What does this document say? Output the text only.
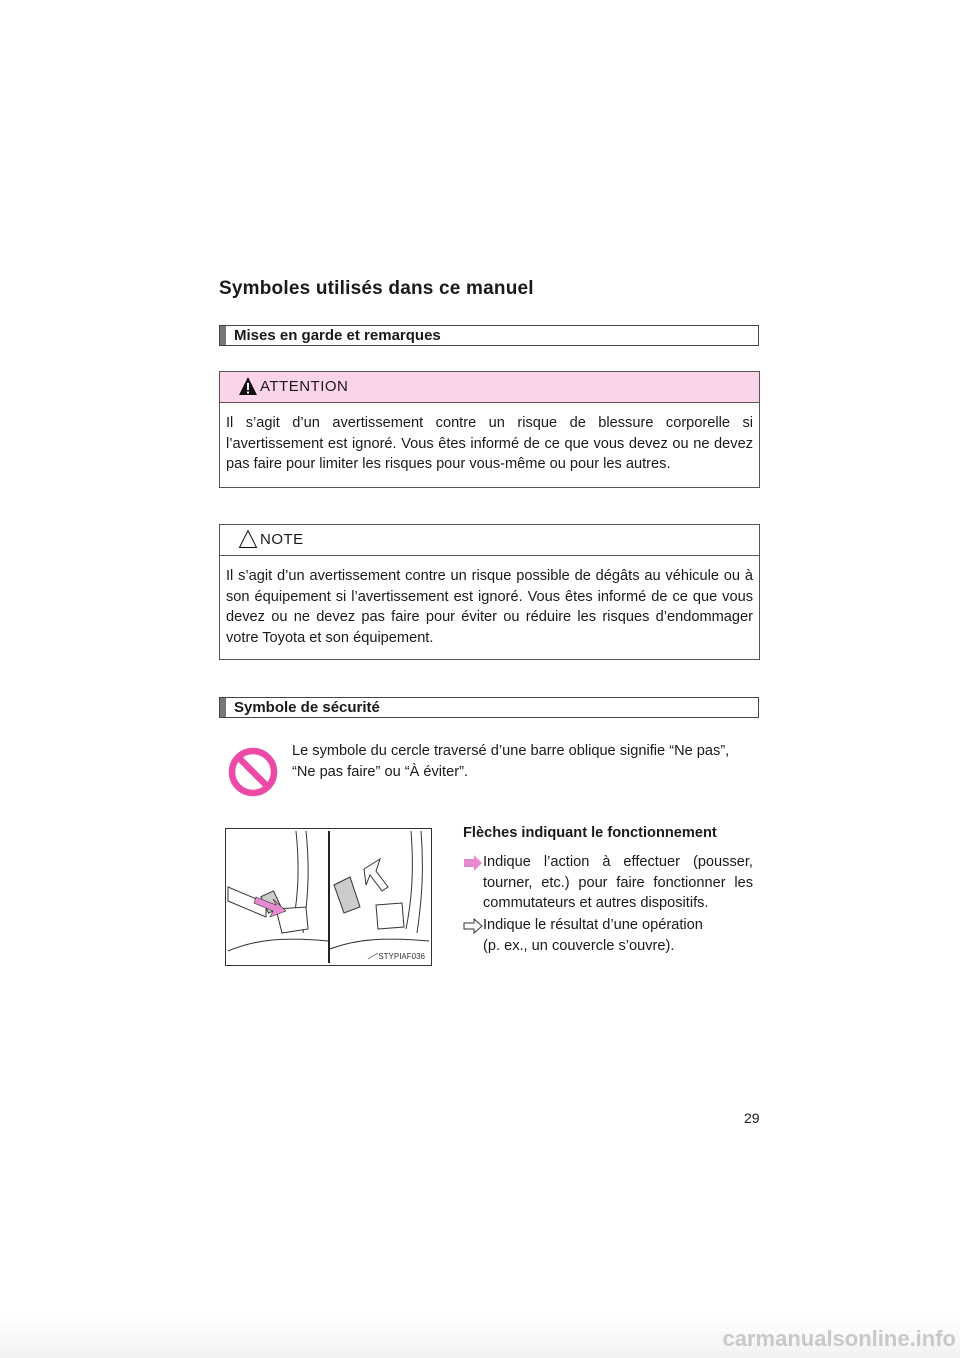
Symboles utilisés dans ce manuel
Mises en garde et remarques
ATTENTION
Il s’agit d’un avertissement contre un risque de blessure corporelle si l’avertissement est ignoré. Vous êtes informé de ce que vous devez ou ne devez pas faire pour limiter les risques pour vous-même ou pour les autres.
NOTE
Il s’agit d’un avertissement contre un risque possible de dégâts au véhicule ou à son équipement si l’avertissement est ignoré. Vous êtes informé de ce que vous devez ou ne devez pas faire pour éviter ou réduire les risques d’endommager votre Toyota et son équipement.
Symbole de sécurité
Le symbole du cercle traversé d’une barre oblique signifie “Ne pas”,
“Ne pas faire” ou “À éviter”.
STYPIAF036
Flèches indiquant le fonctionnement
Indique l’action à effectuer (pousser, tourner, etc.) pour faire fonctionner les commutateurs et autres dispositifs.
Indique le résultat d’une opération
(p. ex., un couvercle s’ouvre).
29
carmanualsonline.info
